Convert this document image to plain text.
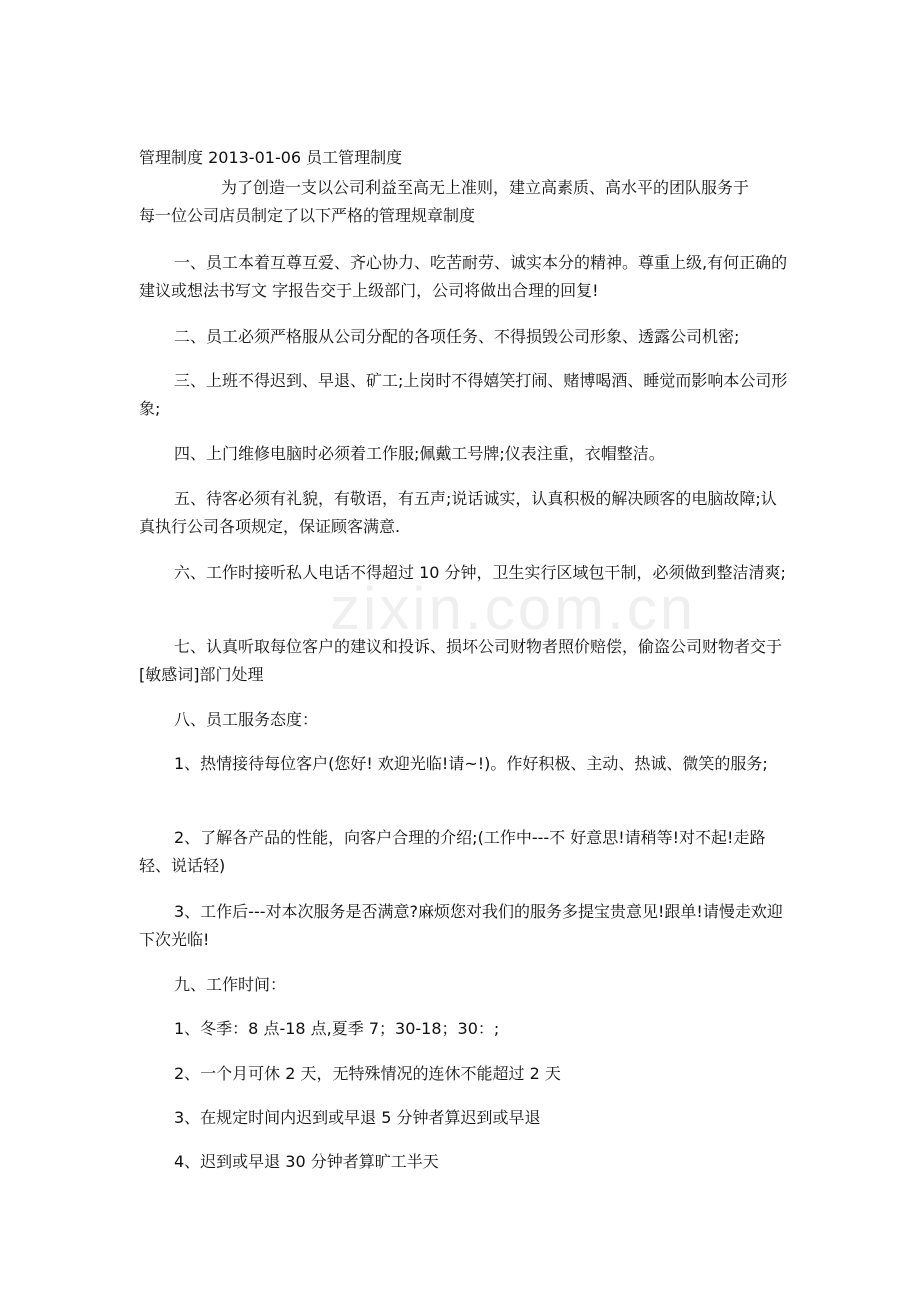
zixin.com.cn
管理制度 2013-01-06 员工管理制度
为了创造一支以公司利益至高无上准则，建立高素质、高水平的团队服务于
每一位公司店员制定了以下严格的管理规章制度

一、员工本着互尊互爱、齐心协力、吃苦耐劳、诚实本分的精神。尊重上级,有何正确的建议或想法书写文 字报告交于上级部门，公司将做出合理的回复!

二、员工必须严格服从公司分配的各项任务、不得损毁公司形象、透露公司机密;

三、上班不得迟到、早退、矿工;上岗时不得嬉笑打闹、赌博喝酒、睡觉而影响本公司形象;

四、上门维修电脑时必须着工作服;佩戴工号牌;仪表注重，衣帽整洁。

五、待客必须有礼貌，有敬语，有五声;说话诚实，认真积极的解决顾客的电脑故障;认真执行公司各项规定，保证顾客满意.

六、工作时接听私人电话不得超过 10 分钟，卫生实行区域包干制，必须做到整洁清爽;

七、认真听取每位客户的建议和投诉、损坏公司财物者照价赔偿，偷盗公司财物者交于[敏感词]部门处理

八、员工服务态度：

1、热情接待每位客户(您好! 欢迎光临!请~!)。作好积极、主动、热诚、微笑的服务;

2、了解各产品的性能，向客户合理的介绍;(工作中---不 好意思!请稍等!对不起!走路轻、说话轻)

3、工作后---对本次服务是否满意?麻烦您对我们的服务多提宝贵意见!跟单!请慢走欢迎下次光临!

九、工作时间：

1、冬季：8 点-18 点,夏季 7；30-18；30：;

2、一个月可休 2 天，无特殊情况的连休不能超过 2 天

3、在规定时间内迟到或早退 5 分钟者算迟到或早退

4、迟到或早退 30 分钟者算旷工半天
